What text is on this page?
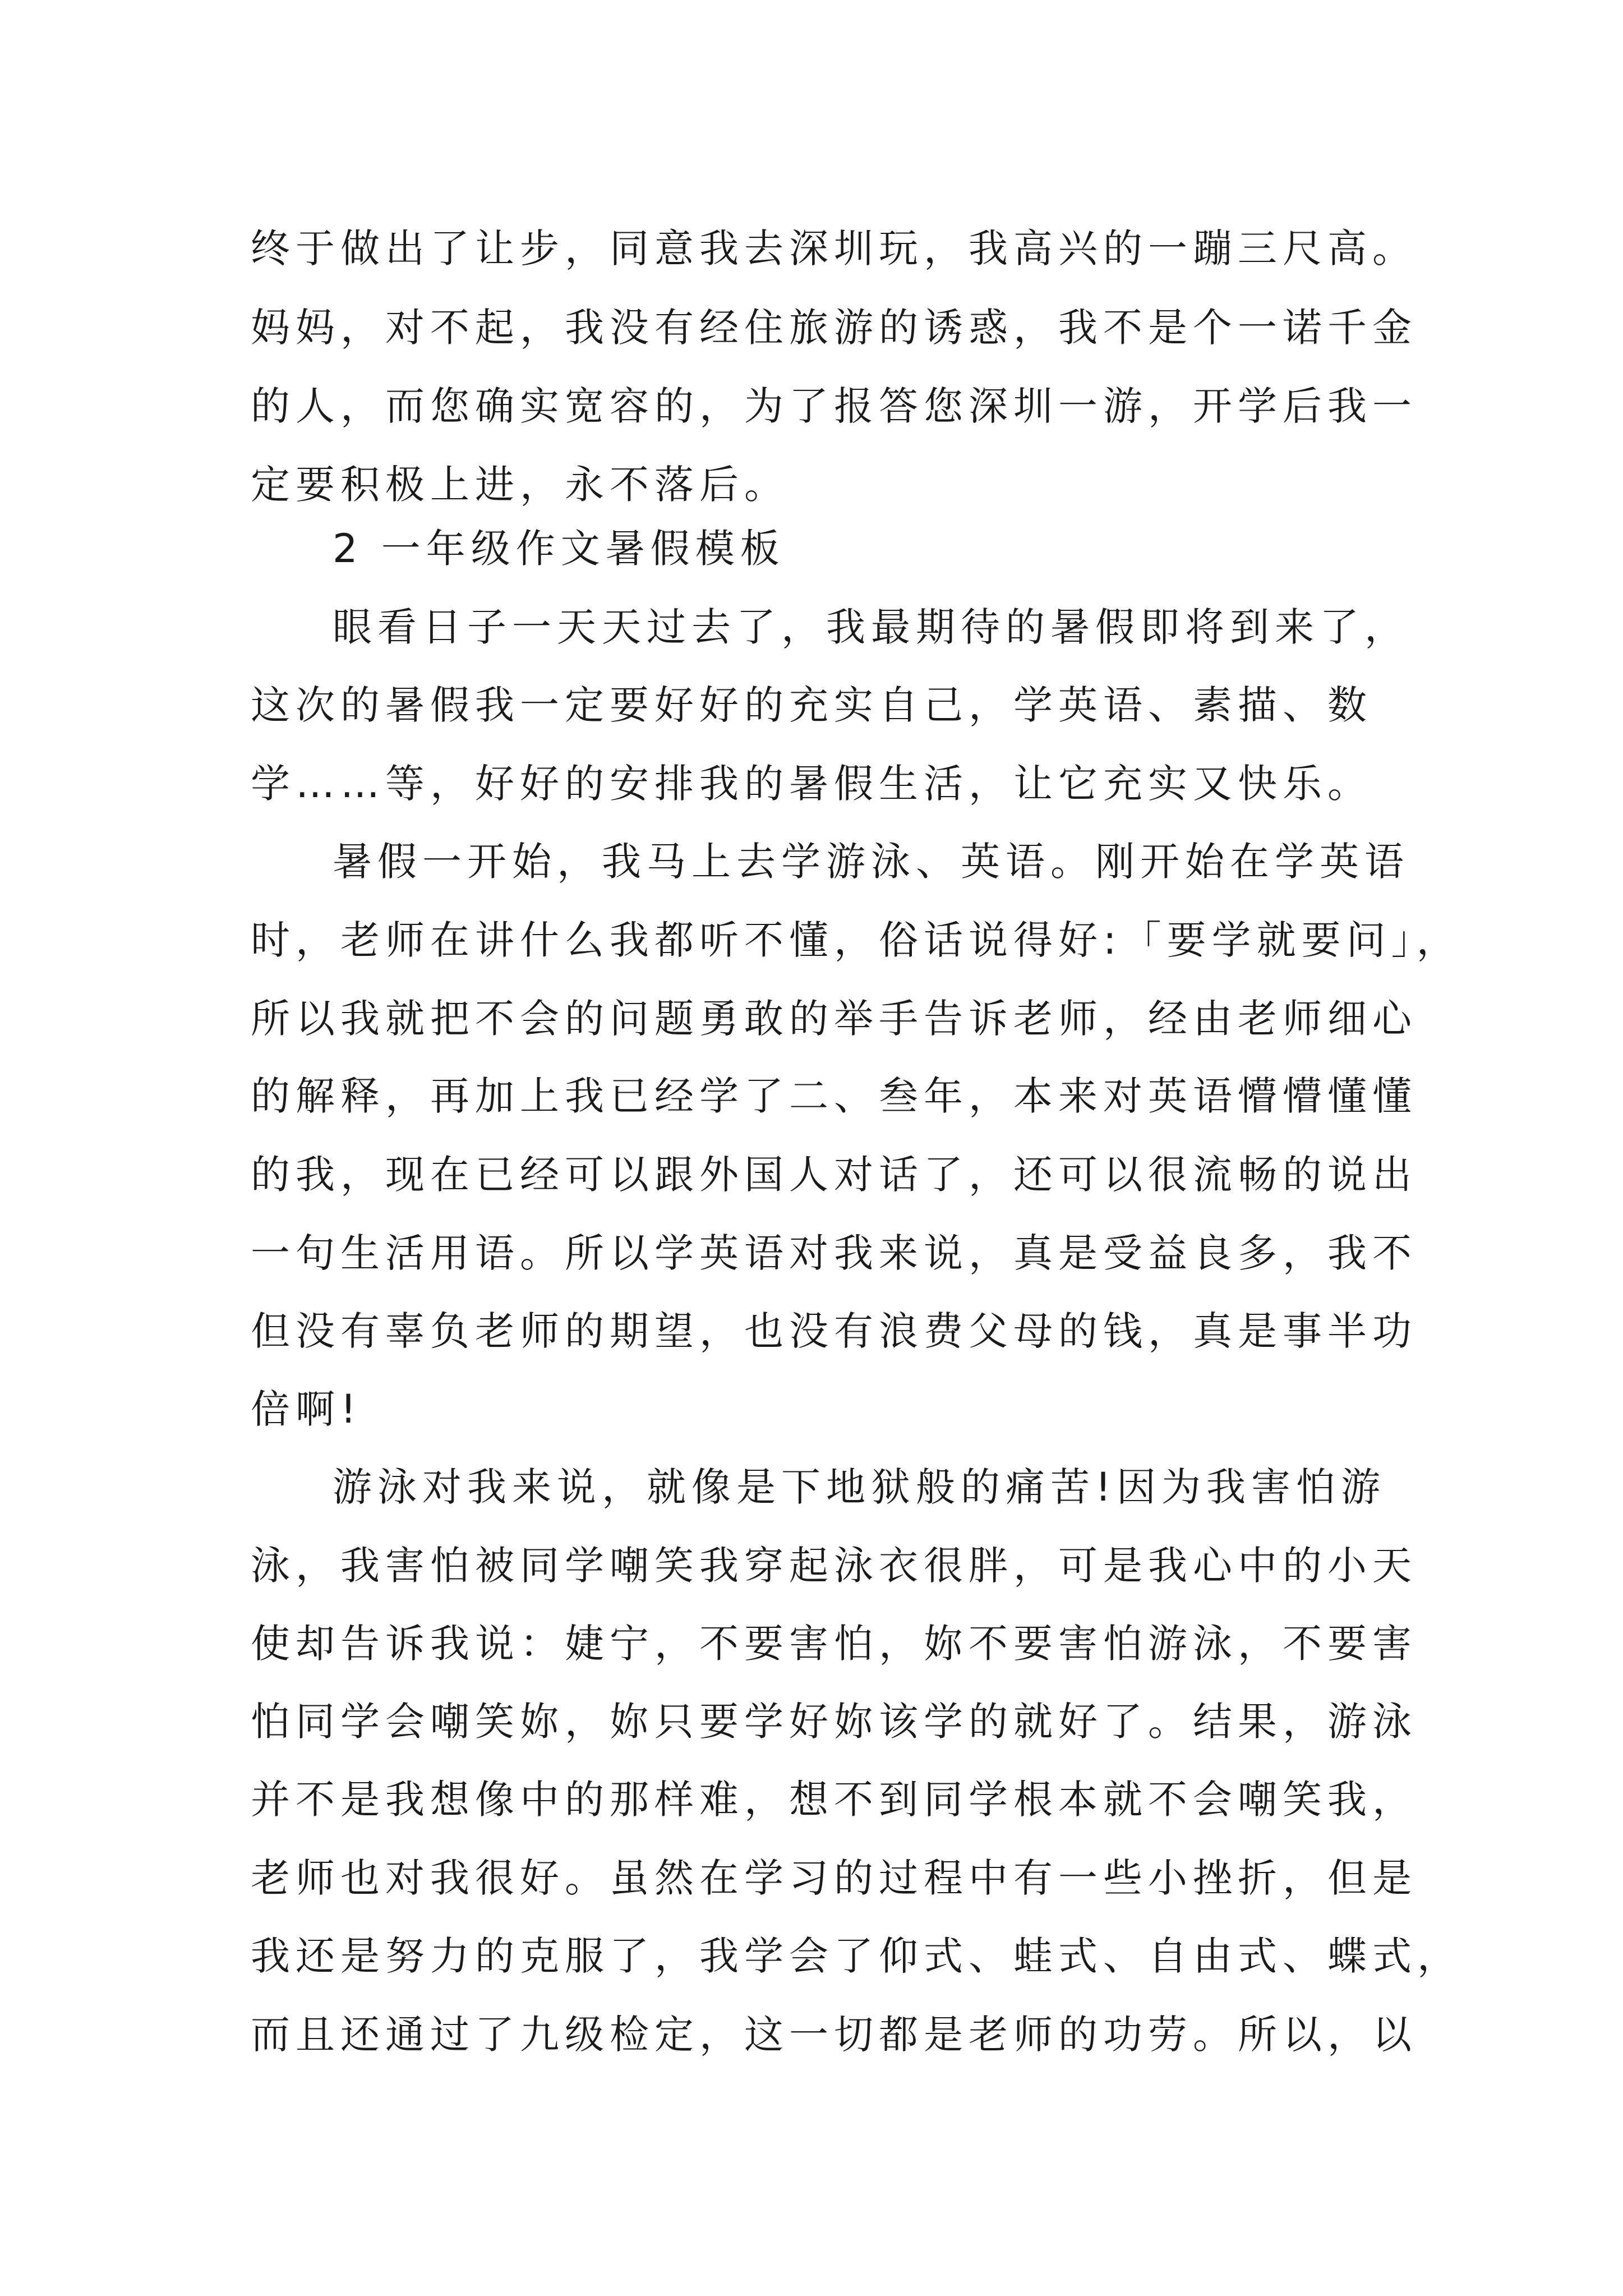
终于做出了让步，同意我去深圳玩，我高兴的一蹦三尺高。
妈妈，对不起，我没有经住旅游的诱惑，我不是个一诺千金
的人，而您确实宽容的，为了报答您深圳一游，开学后我一
定要积极上进，永不落后。
2 一年级作文暑假模板
眼看日子一天天过去了，我最期待的暑假即将到来了，
这次的暑假我一定要好好的充实自己，学英语、素描、数
学……等，好好的安排我的暑假生活，让它充实又快乐。
暑假一开始，我马上去学游泳、英语。刚开始在学英语
时，老师在讲什么我都听不懂，俗话说得好:「要学就要问」，
所以我就把不会的问题勇敢的举手告诉老师，经由老师细心
的解释，再加上我已经学了二、叁年，本来对英语懵懵懂懂
的我，现在已经可以跟外国人对话了，还可以很流畅的说出
一句生活用语。所以学英语对我来说，真是受益良多，我不
但没有辜负老师的期望，也没有浪费父母的钱，真是事半功
倍啊!
游泳对我来说，就像是下地狱般的痛苦!因为我害怕游
泳，我害怕被同学嘲笑我穿起泳衣很胖，可是我心中的小天
使却告诉我说：婕宁，不要害怕，妳不要害怕游泳，不要害
怕同学会嘲笑妳，妳只要学好妳该学的就好了。结果，游泳
并不是我想像中的那样难，想不到同学根本就不会嘲笑我，
老师也对我很好。虽然在学习的过程中有一些小挫折，但是
我还是努力的克服了，我学会了仰式、蛙式、自由式、蝶式，
而且还通过了九级检定，这一切都是老师的功劳。所以，以
